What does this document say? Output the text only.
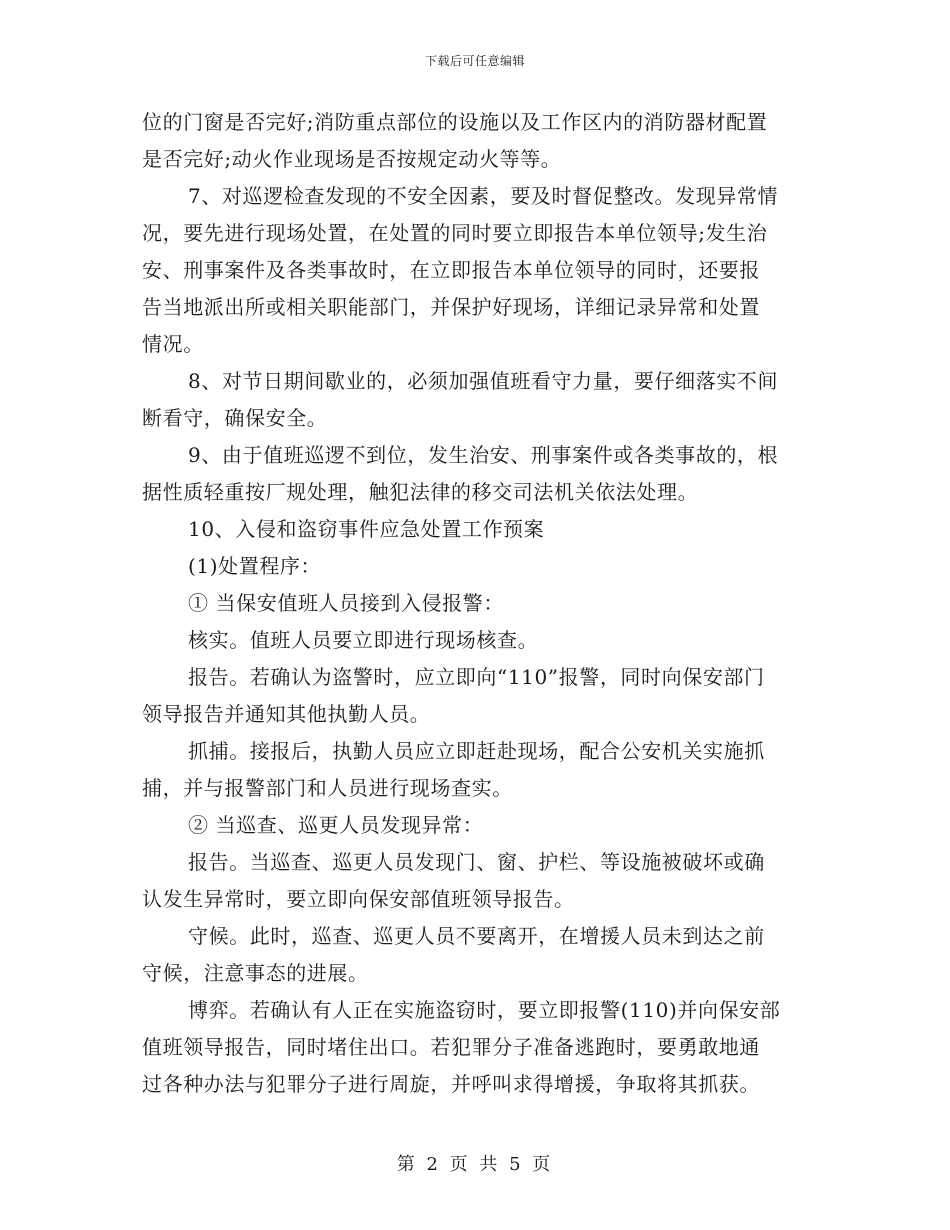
下载后可任意编辑
位的门窗是否完好;消防重点部位的设施以及工作区内的消防器材配置
是否完好;动火作业现场是否按规定动火等等。
7、对巡逻检查发现的不安全因素，要及时督促整改。发现异常情
况，要先进行现场处置，在处置的同时要立即报告本单位领导;发生治
安、刑事案件及各类事故时，在立即报告本单位领导的同时，还要报
告当地派出所或相关职能部门，并保护好现场，详细记录异常和处置
情况。
8、对节日期间歇业的，必须加强值班看守力量，要仔细落实不间
断看守，确保安全。
9、由于值班巡逻不到位，发生治安、刑事案件或各类事故的，根
据性质轻重按厂规处理，触犯法律的移交司法机关依法处理。
10、入侵和盗窃事件应急处置工作预案
(1)处置程序：
① 当保安值班人员接到入侵报警：
核实。值班人员要立即进行现场核查。
报告。若确认为盗警时，应立即向“110”报警，同时向保安部门
领导报告并通知其他执勤人员。
抓捕。接报后，执勤人员应立即赶赴现场，配合公安机关实施抓
捕，并与报警部门和人员进行现场查实。
② 当巡查、巡更人员发现异常：
报告。当巡查、巡更人员发现门、窗、护栏、等设施被破坏或确
认发生异常时，要立即向保安部值班领导报告。
守候。此时，巡查、巡更人员不要离开，在增援人员未到达之前
守候，注意事态的进展。
博弈。若确认有人正在实施盗窃时，要立即报警(110)并向保安部
值班领导报告，同时堵住出口。若犯罪分子准备逃跑时，要勇敢地通
过各种办法与犯罪分子进行周旋，并呼叫求得增援，争取将其抓获。
第 2 页 共 5 页
